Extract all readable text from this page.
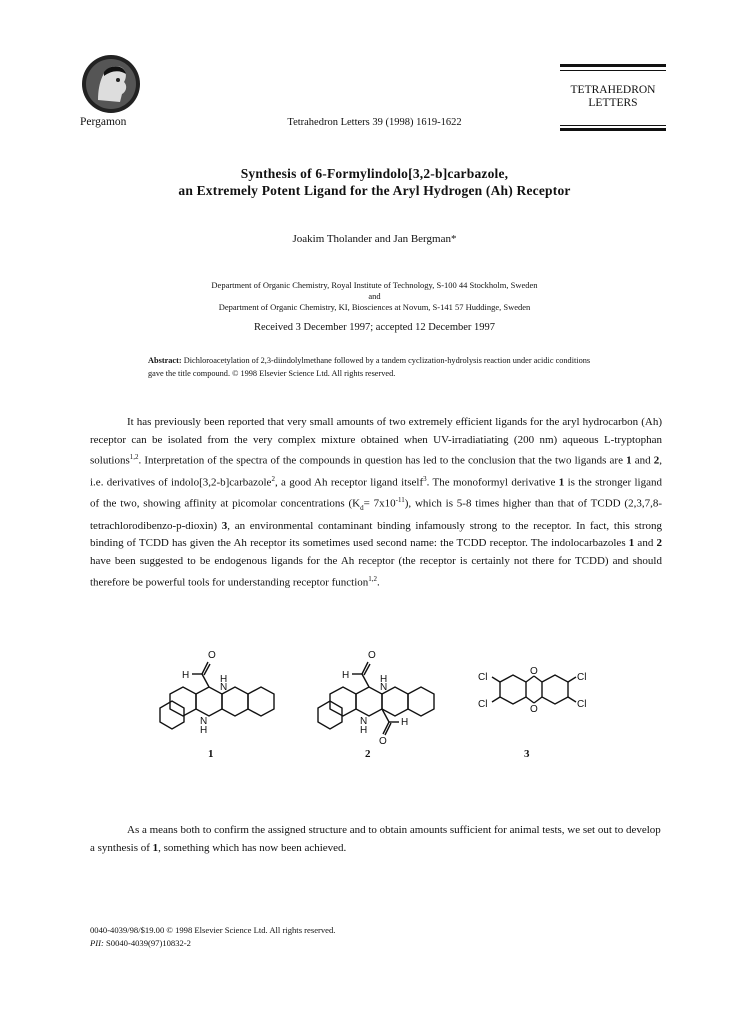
Pergamon	Tetrahedron Letters 39 (1998) 1619-1622
TETRAHEDRON
LETTERS
Synthesis of 6-Formylindolo[3,2-b]carbazole,
an Extremely Potent Ligand for the Aryl Hydrogen (Ah) Receptor
Joakim Tholander and Jan Bergman*
Department of Organic Chemistry, Royal Institute of Technology, S-100 44 Stockholm, Sweden
and
Department of Organic Chemistry, KI, Biosciences at Novum, S-141 57 Huddinge, Sweden
Received 3 December 1997; accepted 12 December 1997
Abstract: Dichloroacetylation of 2,3-diindolylmethane followed by a tandem cyclization-hydrolysis reaction under acidic conditions gave the title compound. © 1998 Elsevier Science Ltd. All rights reserved.
It has previously been reported that very small amounts of two extremely efficient ligands for the aryl hydrocarbon (Ah) receptor can be isolated from the very complex mixture obtained when UV-irradiatiating (200 nm) aqueous L-tryptophan solutions$^{1,2}$. Interpretation of the spectra of the compounds in question has led to the conclusion that the two ligands are 1 and 2, i.e. derivatives of indolo[3,2-b]carbazole$^2$, a good Ah receptor ligand itself$^3$. The monoformyl derivative 1 is the stronger ligand of the two, showing affinity at picomolar concentrations $(K_d= 7x10^{-11})$, which is 5-8 times higher than that of TCDD (2,3,7,8-tetrachlorodibenzo-p-dioxin) 3, an environmental contaminant binding infamously strong to the receptor. In fact, this strong binding of TCDD has given the Ah receptor its sometimes used second name: the TCDD receptor. The indolocarbazoles 1 and 2 have been suggested to be endogenous ligands for the Ah receptor (the receptor is certainly not there for TCDD) and should therefore be powerful tools for understanding receptor function$^{1,2}$.
O
H	H
N
N
H
O
H	H
N
N
H
H
O
O
O
Cl
Cl
Cl
Cl
1	2	3
As a means both to confirm the assigned structure and to obtain amounts sufficient for animal tests, we set out to develop a synthesis of 1, something which has now been achieved.
0040-4039/98/$19.00 © 1998 Elsevier Science Ltd. All rights reserved.
PII: S0040-4039(97)10832-2
